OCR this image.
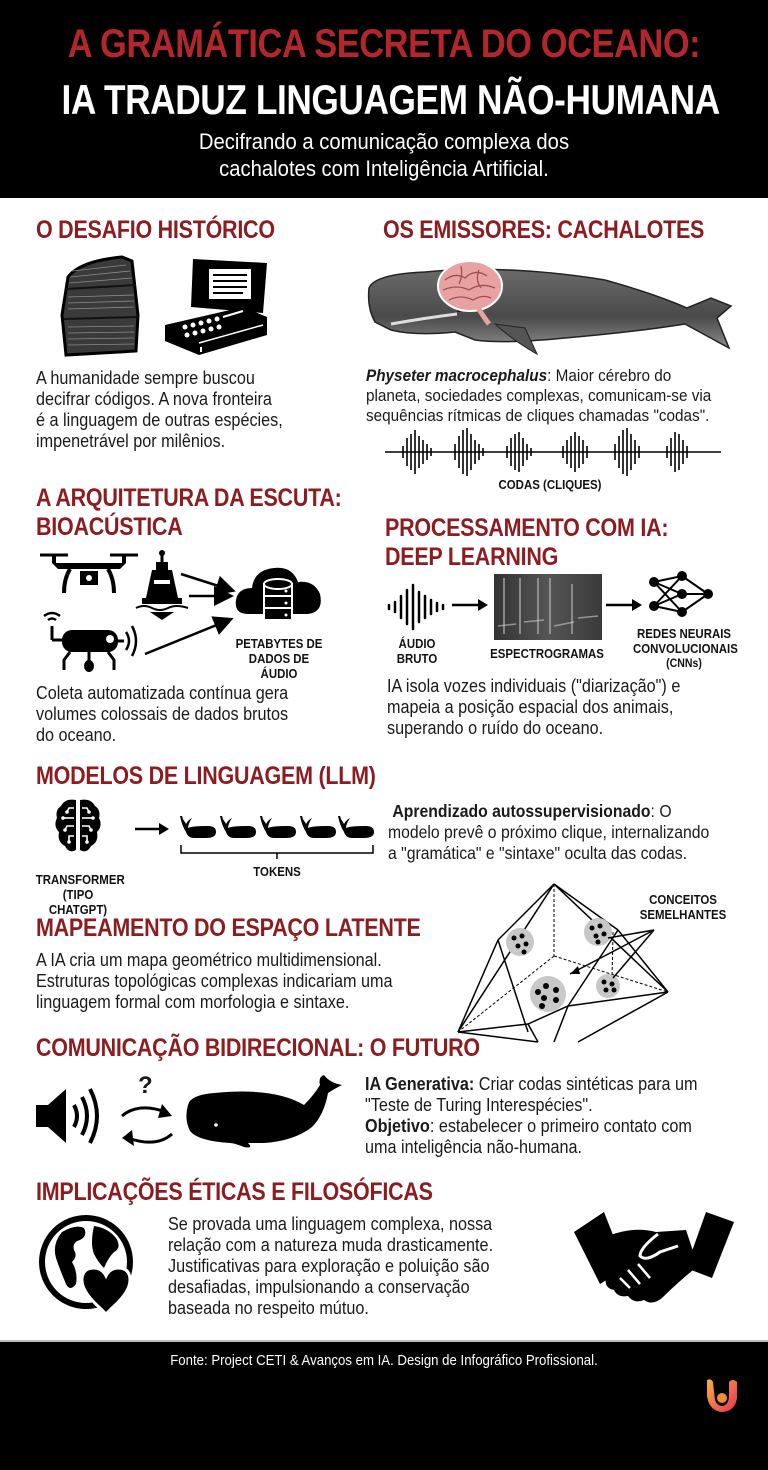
A GRAMÁTICA SECRETA DO OCEANO:
IA TRADUZ LINGUAGEM NÃO-HUMANA
Decifrando a comunicação complexa dos
cachalotes com Inteligência Artificial.
O DESAFIO HISTÓRICO
A humanidade sempre buscou
decifrar códigos. A nova fronteira
é a linguagem de outras espécies,
impenetrável por milênios.
OS EMISSORES: CACHALOTES
Physeter macrocephalus: Maior cérebro do
planeta, sociedades complexas, comunicam-se via
sequências rítmicas de cliques chamadas "codas".
CODAS (CLIQUES)
A ARQUITETURA DA ESCUTA:
BIOACÚSTICA
PETABYTES DE
DADOS DE ÁUDIO
Coleta automatizada contínua gera
volumes colossais de dados brutos
do oceano.
PROCESSAMENTO COM IA:
DEEP LEARNING
ÁUDIO
BRUTO	ESPECTROGRAMAS
REDES NEURAIS
CONVOLUCIONAIS
(CNNs)
IA isola vozes individuais ("diarização") e
mapeia a posição espacial dos animais,
superando o ruído do oceano.
MODELOS DE LINGUAGEM (LLM)
TOKENS
TRANSFORMER
(TIPO CHATGPT)
Aprendizado autossupervisionado: O
modelo prevê o próximo clique, internalizando
a "gramática" e "sintaxe" oculta das codas.
MAPEAMENTO DO ESPAÇO LATENTE
A IA cria um mapa geométrico multidimensional.
Estruturas topológicas complexas indicariam uma
linguagem formal com morfologia e sintaxe.
CONCEITOS
SEMELHANTES
COMUNICAÇÃO BIDIRECIONAL: O FUTURO
?	IA Generativa: Criar codas sintéticas para um
"Teste de Turing Interespécies".
Objetivo: estabelecer o primeiro contato com
uma inteligência não-humana.
IMPLICAÇÕES ÉTICAS E FILOSÓFICAS
Se provada uma linguagem complexa, nossa
relação com a natureza muda drasticamente.
Justificativas para exploração e poluição são
desafiadas, impulsionando a conservação
baseada no respeito mútuo.
Fonte: Project CETI & Avanços em IA. Design de Infográfico Profissional.
